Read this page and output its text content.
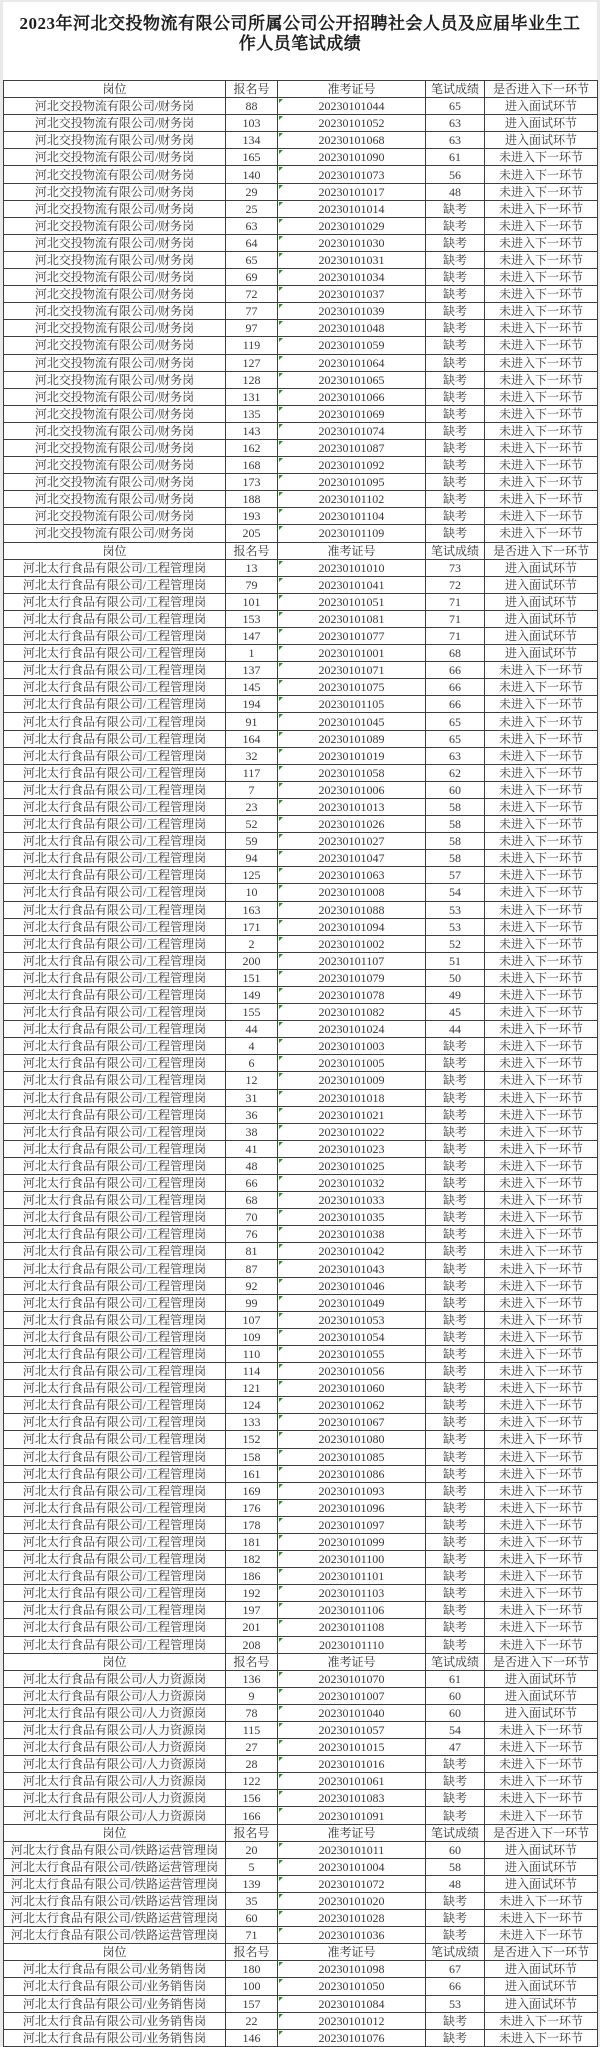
2023年河北交投物流有限公司所属公司公开招聘社会人员及应届毕业生工作人员笔试成绩
岗位	报名号	准考证号	笔试成绩	是否进入下一环节
河北交投物流有限公司/财务岗	88	20230101044	65	进入面试环节
河北交投物流有限公司/财务岗	103	20230101052	63	进入面试环节
河北交投物流有限公司/财务岗	134	20230101068	63	进入面试环节
河北交投物流有限公司/财务岗	165	20230101090	61	未进入下一环节
河北交投物流有限公司/财务岗	140	20230101073	56	未进入下一环节
河北交投物流有限公司/财务岗	29	20230101017	48	未进入下一环节
河北交投物流有限公司/财务岗	25	20230101014	缺考	未进入下一环节
河北交投物流有限公司/财务岗	63	20230101029	缺考	未进入下一环节
河北交投物流有限公司/财务岗	64	20230101030	缺考	未进入下一环节
河北交投物流有限公司/财务岗	65	20230101031	缺考	未进入下一环节
河北交投物流有限公司/财务岗	69	20230101034	缺考	未进入下一环节
河北交投物流有限公司/财务岗	72	20230101037	缺考	未进入下一环节
河北交投物流有限公司/财务岗	77	20230101039	缺考	未进入下一环节
河北交投物流有限公司/财务岗	97	20230101048	缺考	未进入下一环节
河北交投物流有限公司/财务岗	119	20230101059	缺考	未进入下一环节
河北交投物流有限公司/财务岗	127	20230101064	缺考	未进入下一环节
河北交投物流有限公司/财务岗	128	20230101065	缺考	未进入下一环节
河北交投物流有限公司/财务岗	131	20230101066	缺考	未进入下一环节
河北交投物流有限公司/财务岗	135	20230101069	缺考	未进入下一环节
河北交投物流有限公司/财务岗	143	20230101074	缺考	未进入下一环节
河北交投物流有限公司/财务岗	162	20230101087	缺考	未进入下一环节
河北交投物流有限公司/财务岗	168	20230101092	缺考	未进入下一环节
河北交投物流有限公司/财务岗	173	20230101095	缺考	未进入下一环节
河北交投物流有限公司/财务岗	188	20230101102	缺考	未进入下一环节
河北交投物流有限公司/财务岗	193	20230101104	缺考	未进入下一环节
河北交投物流有限公司/财务岗	205	20230101109	缺考	未进入下一环节
岗位	报名号	准考证号	笔试成绩	是否进入下一环节
河北太行食品有限公司/工程管理岗	13	20230101010	73	进入面试环节
河北太行食品有限公司/工程管理岗	79	20230101041	72	进入面试环节
河北太行食品有限公司/工程管理岗	101	20230101051	71	进入面试环节
河北太行食品有限公司/工程管理岗	153	20230101081	71	进入面试环节
河北太行食品有限公司/工程管理岗	147	20230101077	71	进入面试环节
河北太行食品有限公司/工程管理岗	1	20230101001	68	进入面试环节
河北太行食品有限公司/工程管理岗	137	20230101071	66	未进入下一环节
河北太行食品有限公司/工程管理岗	145	20230101075	66	未进入下一环节
河北太行食品有限公司/工程管理岗	194	20230101105	66	未进入下一环节
河北太行食品有限公司/工程管理岗	91	20230101045	65	未进入下一环节
河北太行食品有限公司/工程管理岗	164	20230101089	65	未进入下一环节
河北太行食品有限公司/工程管理岗	32	20230101019	63	未进入下一环节
河北太行食品有限公司/工程管理岗	117	20230101058	62	未进入下一环节
河北太行食品有限公司/工程管理岗	7	20230101006	60	未进入下一环节
河北太行食品有限公司/工程管理岗	23	20230101013	58	未进入下一环节
河北太行食品有限公司/工程管理岗	52	20230101026	58	未进入下一环节
河北太行食品有限公司/工程管理岗	59	20230101027	58	未进入下一环节
河北太行食品有限公司/工程管理岗	94	20230101047	58	未进入下一环节
河北太行食品有限公司/工程管理岗	125	20230101063	57	未进入下一环节
河北太行食品有限公司/工程管理岗	10	20230101008	54	未进入下一环节
河北太行食品有限公司/工程管理岗	163	20230101088	53	未进入下一环节
河北太行食品有限公司/工程管理岗	171	20230101094	53	未进入下一环节
河北太行食品有限公司/工程管理岗	2	20230101002	52	未进入下一环节
河北太行食品有限公司/工程管理岗	200	20230101107	51	未进入下一环节
河北太行食品有限公司/工程管理岗	151	20230101079	50	未进入下一环节
河北太行食品有限公司/工程管理岗	149	20230101078	49	未进入下一环节
河北太行食品有限公司/工程管理岗	155	20230101082	45	未进入下一环节
河北太行食品有限公司/工程管理岗	44	20230101024	44	未进入下一环节
河北太行食品有限公司/工程管理岗	4	20230101003	缺考	未进入下一环节
河北太行食品有限公司/工程管理岗	6	20230101005	缺考	未进入下一环节
河北太行食品有限公司/工程管理岗	12	20230101009	缺考	未进入下一环节
河北太行食品有限公司/工程管理岗	31	20230101018	缺考	未进入下一环节
河北太行食品有限公司/工程管理岗	36	20230101021	缺考	未进入下一环节
河北太行食品有限公司/工程管理岗	38	20230101022	缺考	未进入下一环节
河北太行食品有限公司/工程管理岗	41	20230101023	缺考	未进入下一环节
河北太行食品有限公司/工程管理岗	48	20230101025	缺考	未进入下一环节
河北太行食品有限公司/工程管理岗	66	20230101032	缺考	未进入下一环节
河北太行食品有限公司/工程管理岗	68	20230101033	缺考	未进入下一环节
河北太行食品有限公司/工程管理岗	70	20230101035	缺考	未进入下一环节
河北太行食品有限公司/工程管理岗	76	20230101038	缺考	未进入下一环节
河北太行食品有限公司/工程管理岗	81	20230101042	缺考	未进入下一环节
河北太行食品有限公司/工程管理岗	87	20230101043	缺考	未进入下一环节
河北太行食品有限公司/工程管理岗	92	20230101046	缺考	未进入下一环节
河北太行食品有限公司/工程管理岗	99	20230101049	缺考	未进入下一环节
河北太行食品有限公司/工程管理岗	107	20230101053	缺考	未进入下一环节
河北太行食品有限公司/工程管理岗	109	20230101054	缺考	未进入下一环节
河北太行食品有限公司/工程管理岗	110	20230101055	缺考	未进入下一环节
河北太行食品有限公司/工程管理岗	114	20230101056	缺考	未进入下一环节
河北太行食品有限公司/工程管理岗	121	20230101060	缺考	未进入下一环节
河北太行食品有限公司/工程管理岗	124	20230101062	缺考	未进入下一环节
河北太行食品有限公司/工程管理岗	133	20230101067	缺考	未进入下一环节
河北太行食品有限公司/工程管理岗	152	20230101080	缺考	未进入下一环节
河北太行食品有限公司/工程管理岗	158	20230101085	缺考	未进入下一环节
河北太行食品有限公司/工程管理岗	161	20230101086	缺考	未进入下一环节
河北太行食品有限公司/工程管理岗	169	20230101093	缺考	未进入下一环节
河北太行食品有限公司/工程管理岗	176	20230101096	缺考	未进入下一环节
河北太行食品有限公司/工程管理岗	178	20230101097	缺考	未进入下一环节
河北太行食品有限公司/工程管理岗	181	20230101099	缺考	未进入下一环节
河北太行食品有限公司/工程管理岗	182	20230101100	缺考	未进入下一环节
河北太行食品有限公司/工程管理岗	186	20230101101	缺考	未进入下一环节
河北太行食品有限公司/工程管理岗	192	20230101103	缺考	未进入下一环节
河北太行食品有限公司/工程管理岗	197	20230101106	缺考	未进入下一环节
河北太行食品有限公司/工程管理岗	201	20230101108	缺考	未进入下一环节
河北太行食品有限公司/工程管理岗	208	20230101110	缺考	未进入下一环节
岗位	报名号	准考证号	笔试成绩	是否进入下一环节
河北太行食品有限公司/人力资源岗	136	20230101070	61	进入面试环节
河北太行食品有限公司/人力资源岗	9	20230101007	60	进入面试环节
河北太行食品有限公司/人力资源岗	78	20230101040	60	进入面试环节
河北太行食品有限公司/人力资源岗	115	20230101057	54	未进入下一环节
河北太行食品有限公司/人力资源岗	27	20230101015	47	未进入下一环节
河北太行食品有限公司/人力资源岗	28	20230101016	缺考	未进入下一环节
河北太行食品有限公司/人力资源岗	122	20230101061	缺考	未进入下一环节
河北太行食品有限公司/人力资源岗	156	20230101083	缺考	未进入下一环节
河北太行食品有限公司/人力资源岗	166	20230101091	缺考	未进入下一环节
岗位	报名号	准考证号	笔试成绩	是否进入下一环节
河北太行食品有限公司/铁路运营管理岗	20	20230101011	60	进入面试环节
河北太行食品有限公司/铁路运营管理岗	5	20230101004	58	进入面试环节
河北太行食品有限公司/铁路运营管理岗	139	20230101072	48	进入面试环节
河北太行食品有限公司/铁路运营管理岗	35	20230101020	缺考	未进入下一环节
河北太行食品有限公司/铁路运营管理岗	60	20230101028	缺考	未进入下一环节
河北太行食品有限公司/铁路运营管理岗	71	20230101036	缺考	未进入下一环节
岗位	报名号	准考证号	笔试成绩	是否进入下一环节
河北太行食品有限公司/业务销售岗	180	20230101098	67	进入面试环节
河北太行食品有限公司/业务销售岗	100	20230101050	66	进入面试环节
河北太行食品有限公司/业务销售岗	157	20230101084	53	进入面试环节
河北太行食品有限公司/业务销售岗	22	20230101012	缺考	未进入下一环节
河北太行食品有限公司/业务销售岗	146	20230101076	缺考	未进入下一环节
